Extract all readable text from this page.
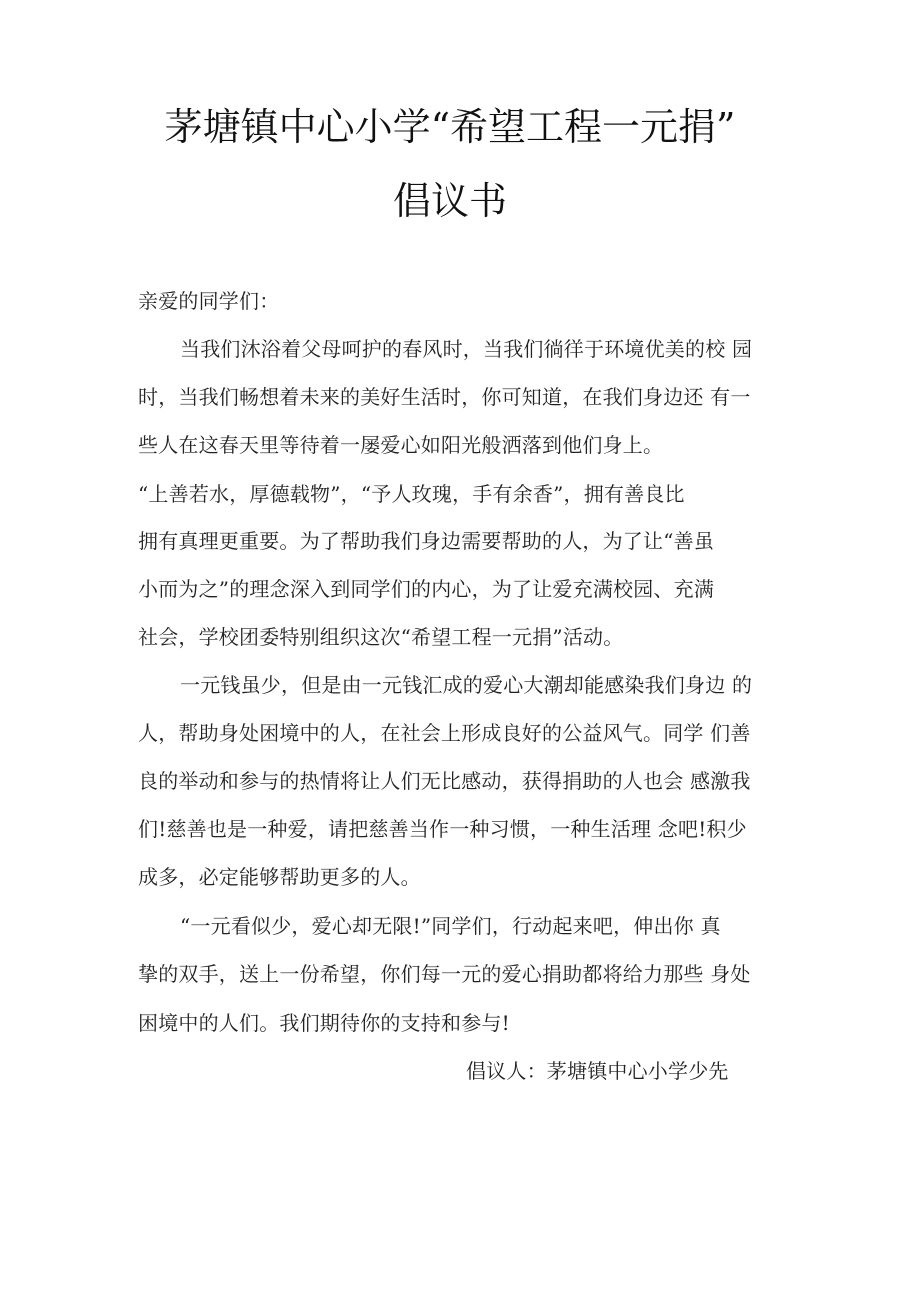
茅塘镇中心小学“希望工程一元捐”
倡议书
亲爱的同学们：
当我们沐浴着父母呵护的春风时，当我们徜徉于环境优美的校 园
时，当我们畅想着未来的美好生活时，你可知道，在我们身边还 有一
些人在这春天里等待着一屡爱心如阳光般洒落到他们身上。
“上善若水，厚德载物”，“予人玫瑰，手有余香”，拥有善良比
拥有真理更重要。为了帮助我们身边需要帮助的人，为了让“善虽
小而为之”的理念深入到同学们的内心，为了让爱充满校园、充满
社会，学校团委特别组织这次“希望工程一元捐”活动。
一元钱虽少，但是由一元钱汇成的爱心大潮却能感染我们身边 的
人，帮助身处困境中的人，在社会上形成良好的公益风气。同学 们善
良的举动和参与的热情将让人们无比感动，获得捐助的人也会 感激我
们!慈善也是一种爱，请把慈善当作一种习惯，一种生活理 念吧!积少
成多，必定能够帮助更多的人。
“一元看似少，爱心却无限!”同学们，行动起来吧，伸出你 真
挚的双手，送上一份希望，你们每一元的爱心捐助都将给力那些 身处
困境中的人们。我们期待你的支持和参与!
倡议人：茅塘镇中心小学少先
